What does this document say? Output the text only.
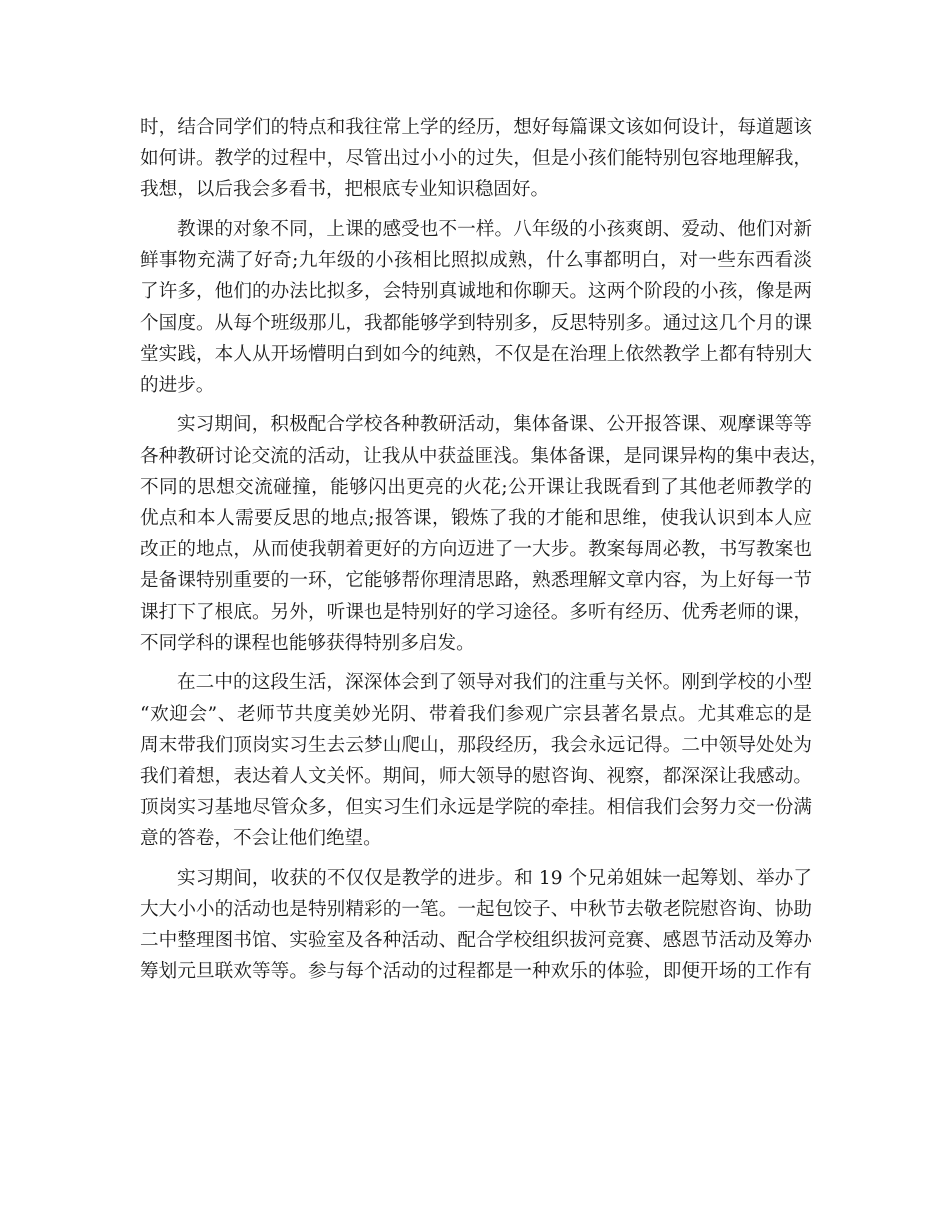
时，结合同学们的特点和我往常上学的经历，想好每篇课文该如何设计，每道题该
如何讲。教学的过程中，尽管出过小小的过失，但是小孩们能特别包容地理解我，
我想，以后我会多看书，把根底专业知识稳固好。
教课的对象不同，上课的感受也不一样。八年级的小孩爽朗、爱动、他们对新
鲜事物充满了好奇;九年级的小孩相比照拟成熟，什么事都明白，对一些东西看淡
了许多，他们的办法比拟多，会特别真诚地和你聊天。这两个阶段的小孩，像是两
个国度。从每个班级那儿，我都能够学到特别多，反思特别多。通过这几个月的课
堂实践，本人从开场懵明白到如今的纯熟，不仅是在治理上依然教学上都有特别大
的进步。
实习期间，积极配合学校各种教研活动，集体备课、公开报答课、观摩课等等
各种教研讨论交流的活动，让我从中获益匪浅。集体备课，是同课异构的集中表达，
不同的思想交流碰撞，能够闪出更亮的火花;公开课让我既看到了其他老师教学的
优点和本人需要反思的地点;报答课，锻炼了我的才能和思维，使我认识到本人应
改正的地点，从而使我朝着更好的方向迈进了一大步。教案每周必教，书写教案也
是备课特别重要的一环，它能够帮你理清思路，熟悉理解文章内容，为上好每一节
课打下了根底。另外，听课也是特别好的学习途径。多听有经历、优秀老师的课，
不同学科的课程也能够获得特别多启发。
在二中的这段生活，深深体会到了领导对我们的注重与关怀。刚到学校的小型
“欢迎会”、老师节共度美妙光阴、带着我们参观广宗县著名景点。尤其难忘的是
周末带我们顶岗实习生去云梦山爬山，那段经历，我会永远记得。二中领导处处为
我们着想，表达着人文关怀。期间，师大领导的慰咨询、视察，都深深让我感动。
顶岗实习基地尽管众多，但实习生们永远是学院的牵挂。相信我们会努力交一份满
意的答卷，不会让他们绝望。
实习期间，收获的不仅仅是教学的进步。和 19 个兄弟姐妹一起筹划、举办了
大大小小的活动也是特别精彩的一笔。一起包饺子、中秋节去敬老院慰咨询、协助
二中整理图书馆、实验室及各种活动、配合学校组织拔河竞赛、感恩节活动及筹办
筹划元旦联欢等等。参与每个活动的过程都是一种欢乐的体验，即便开场的工作有
